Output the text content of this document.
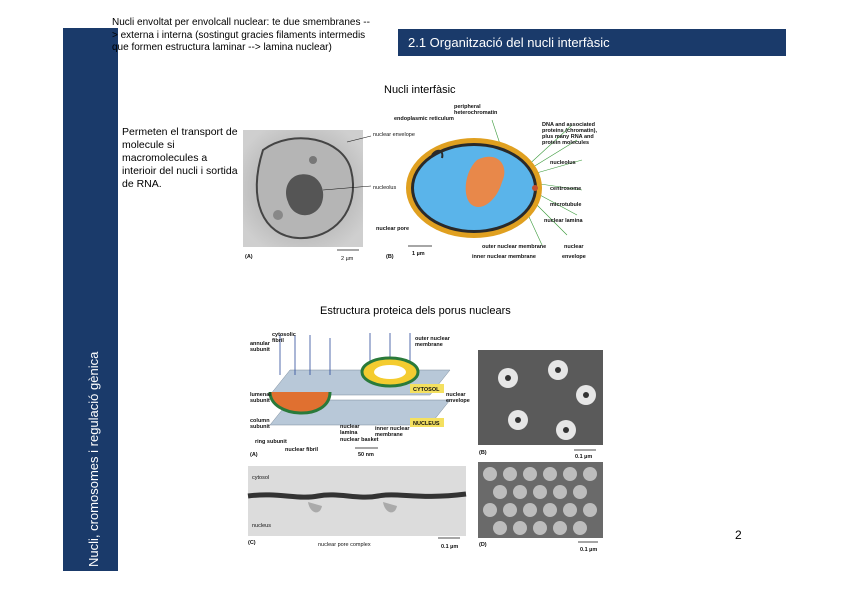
Nucli, cromosomes i regulació gènica
Nucli envoltat per envolcall nuclear: te due smembranes --> externa i interna (sostingut gracies filaments intermedis que formen estructura laminar --> lamina nuclear)	2.1 Organització del nucli interfàsic
Nucli interfàsic
Permeten el transport de molecule si macromolecules a interioir del nucli i sortida de RNA.
Estructura proteica dels porus nuclears
2
nuclear envelope
nucleolus
(A)	2 µm
peripheral
heterochromatin
endoplasmic reticulum
DNA and associated
proteins (chromatin),
plus many RNA and
protein molecules
nucleolus
centrosome
microtubule
nuclear lamina
nuclear pore
(B)	1 µm
outer nuclear membrane
inner nuclear membrane
nuclear
envelope
cytosolic
fibril
annular
subunit
outer nuclear
membrane
CYTOSOL
nuclear
envelope
lumenal
subunit
column
subunit	NUCLEUS
nuclear
lamina
inner nuclear
membrane
nuclear basket
ring subunit
nuclear fibril
50 nm
(A)	(B)
0.1 µm
cytosol
nucleus
nuclear pore complex
(C)
0.1 µm	(D)
0.1 µm
